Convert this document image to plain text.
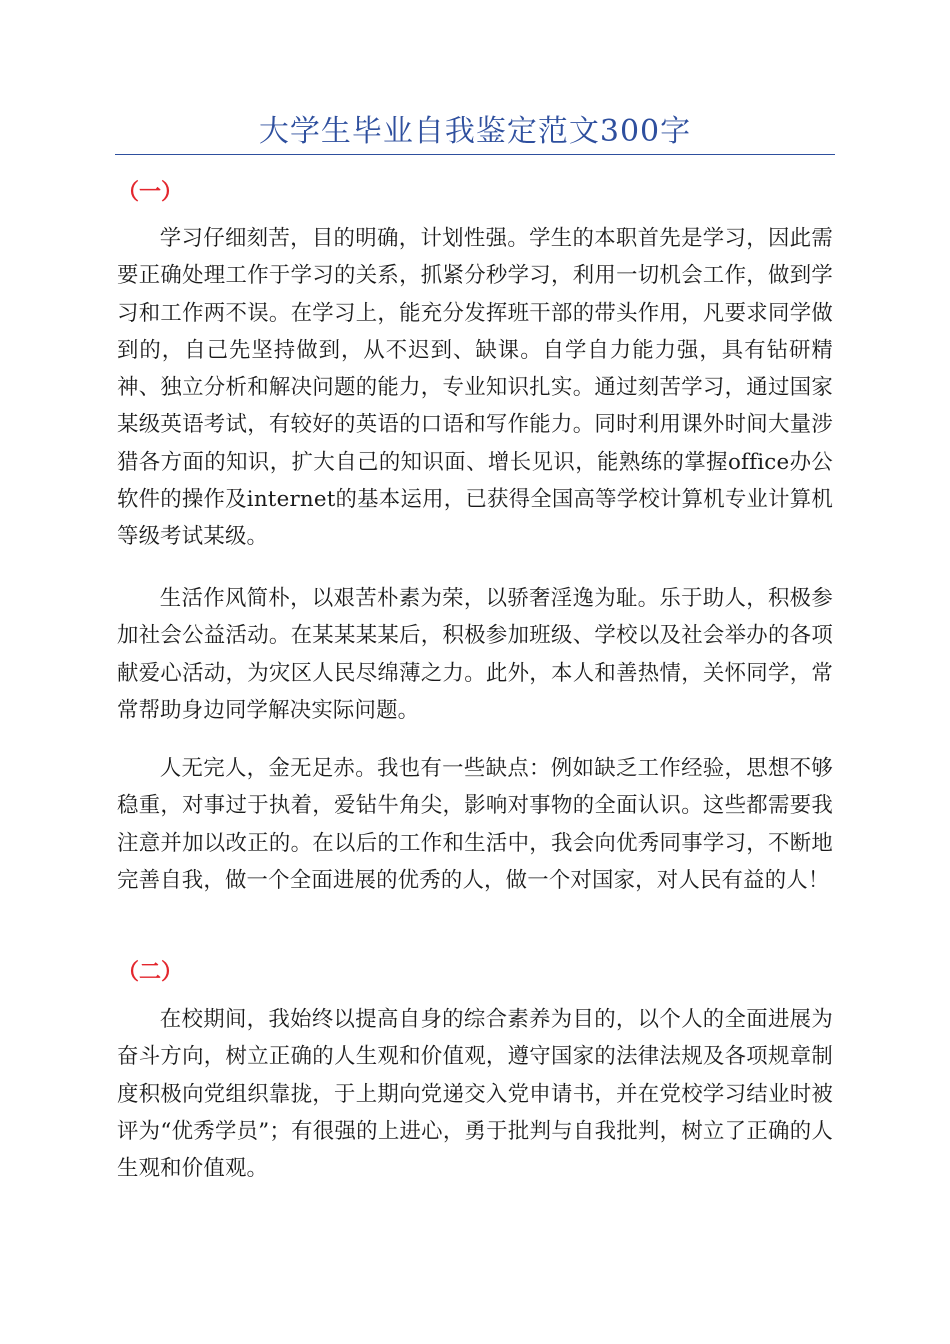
大学生毕业自我鉴定范文300字
（一）

学习仔细刻苦，目的明确，计划性强。学生的本职首先是学习，因此需要正确处理工作于学习的关系，抓紧分秒学习，利用一切机会工作，做到学习和工作两不误。在学习上，能充分发挥班干部的带头作用，凡要求同学做到的，自己先坚持做到，从不迟到、缺课。自学自力能力强，具有钻研精神、独立分析和解决问题的能力，专业知识扎实。通过刻苦学习，通过国家某级英语考试，有较好的英语的口语和写作能力。同时利用课外时间大量涉猎各方面的知识，扩大自己的知识面、增长见识，能熟练的掌握office办公软件的操作及internet的基本运用，已获得全国高等学校计算机专业计算机等级考试某级。

生活作风简朴，以艰苦朴素为荣，以骄奢淫逸为耻。乐于助人，积极参加社会公益活动。在某某某某后，积极参加班级、学校以及社会举办的各项献爱心活动，为灾区人民尽绵薄之力。此外，本人和善热情，关怀同学，常常帮助身边同学解决实际问题。

人无完人，金无足赤。我也有一些缺点：例如缺乏工作经验，思想不够稳重，对事过于执着，爱钻牛角尖，影响对事物的全面认识。这些都需要我注意并加以改正的。在以后的工作和生活中，我会向优秀同事学习，不断地完善自我，做一个全面进展的优秀的人，做一个对国家，对人民有益的人！

（二）

在校期间，我始终以提高自身的综合素养为目的，以个人的全面进展为奋斗方向，树立正确的人生观和价值观，遵守国家的法律法规及各项规章制度积极向党组织靠拢，于上期向党递交入党申请书，并在党校学习结业时被评为“优秀学员”；有很强的上进心，勇于批判与自我批判，树立了正确的人生观和价值观。
